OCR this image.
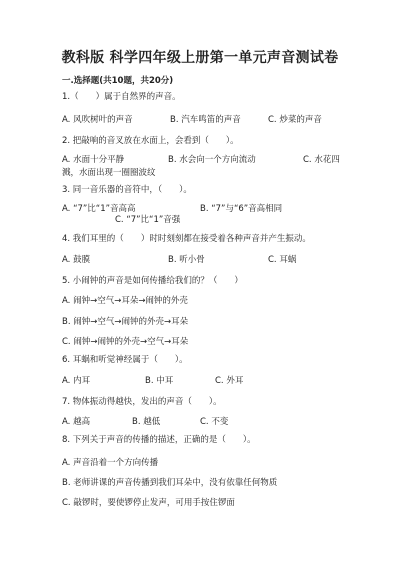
教科版 科学四年级上册第一单元声音测试卷
一.选择题(共10题，共20分)
1.（　　）属于自然界的声音。
A. 风吹树叶的声音	B. 汽车鸣笛的声音	C. 炒菜的声音
2. 把敲响的音叉放在水面上，会看到（　　）。
A. 水面十分平静	B. 水会向一个方向流动	C. 水花四
溅，水面出现一圈圈波纹
3. 同一音乐器的音符中，（　　）。
A. “7”比“1”音高高	B. “7”与“6”音高相同
C. “7”比“1”音强
4. 我们耳里的（　　）时时刻刻都在接受着各种声音并产生振动。
A. 鼓膜	B. 听小骨	C. 耳蜗
5. 小闹钟的声音是如何传播给我们的？（　　）
A. 闹钟→空气→耳朵→闹钟的外壳
B. 闹钟→空气→闹钟的外壳→耳朵
C. 闹钟→闹钟的外壳→空气→耳朵
6. 耳蜗和听觉神经属于（　　）。
A. 内耳	B. 中耳	C. 外耳
7. 物体振动得越快，发出的声音（　　）。
A. 越高	B. 越低	C. 不变
8. 下列关于声音的传播的描述，正确的是（　　）。
A. 声音沿着一个方向传播
B. 老师讲课的声音传播到我们耳朵中，没有依靠任何物质
C. 敲锣时，要使锣停止发声，可用手按住锣面
